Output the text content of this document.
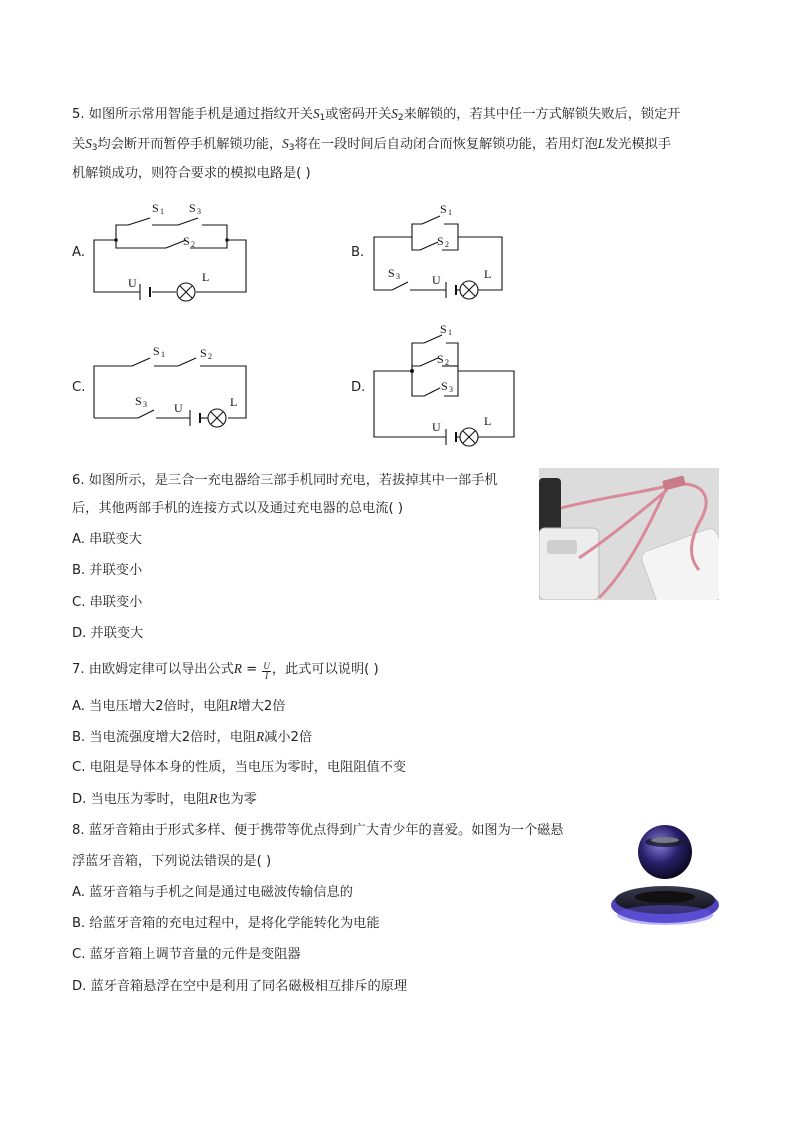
5. 如图所示常用智能手机是通过指纹开关$S_1$或密码开关$S_2$来解锁的，若其中任一方式解锁失败后，锁定开
关$S_3$均会断开而暂停手机解锁功能，$S_3$将在一段时间后自动闭合而恢复解锁功能，若用灯泡L发光模拟手
机解锁成功，则符合要求的模拟电路是( )
A.	B.
C.	D.
S 1 S 3
S 2
U	L
S 1
S 2
S 3	U	L
S 1	S 2
S 3 U	L
S 1
S 2
S 3
U	L
6. 如图所示，是三合一充电器给三部手机同时充电，若拔掉其中一部手机
后，其他两部手机的连接方式以及通过充电器的总电流( )
A. 串联变大
B. 并联变小
C. 串联变小
D. 并联变大
7. 由欧姆定律可以导出公式$R = \frac{U}{I}$ ，此式可以说明( )
A. 当电压增大2倍时，电阻R增大2倍
B. 当电流强度增大2倍时，电阻R减小2倍
C. 电阻是导体本身的性质，当电压为零时，电阻阻值不变
D. 当电压为零时，电阻R也为零
8. 蓝牙音箱由于形式多样、便于携带等优点得到广大青少年的喜爱。如图为一个磁悬
浮蓝牙音箱，下列说法错误的是( )
A. 蓝牙音箱与手机之间是通过电磁波传输信息的
B. 给蓝牙音箱的充电过程中，是将化学能转化为电能
C. 蓝牙音箱上调节音量的元件是变阻器
D. 蓝牙音箱悬浮在空中是利用了同名磁极相互排斥的原理
